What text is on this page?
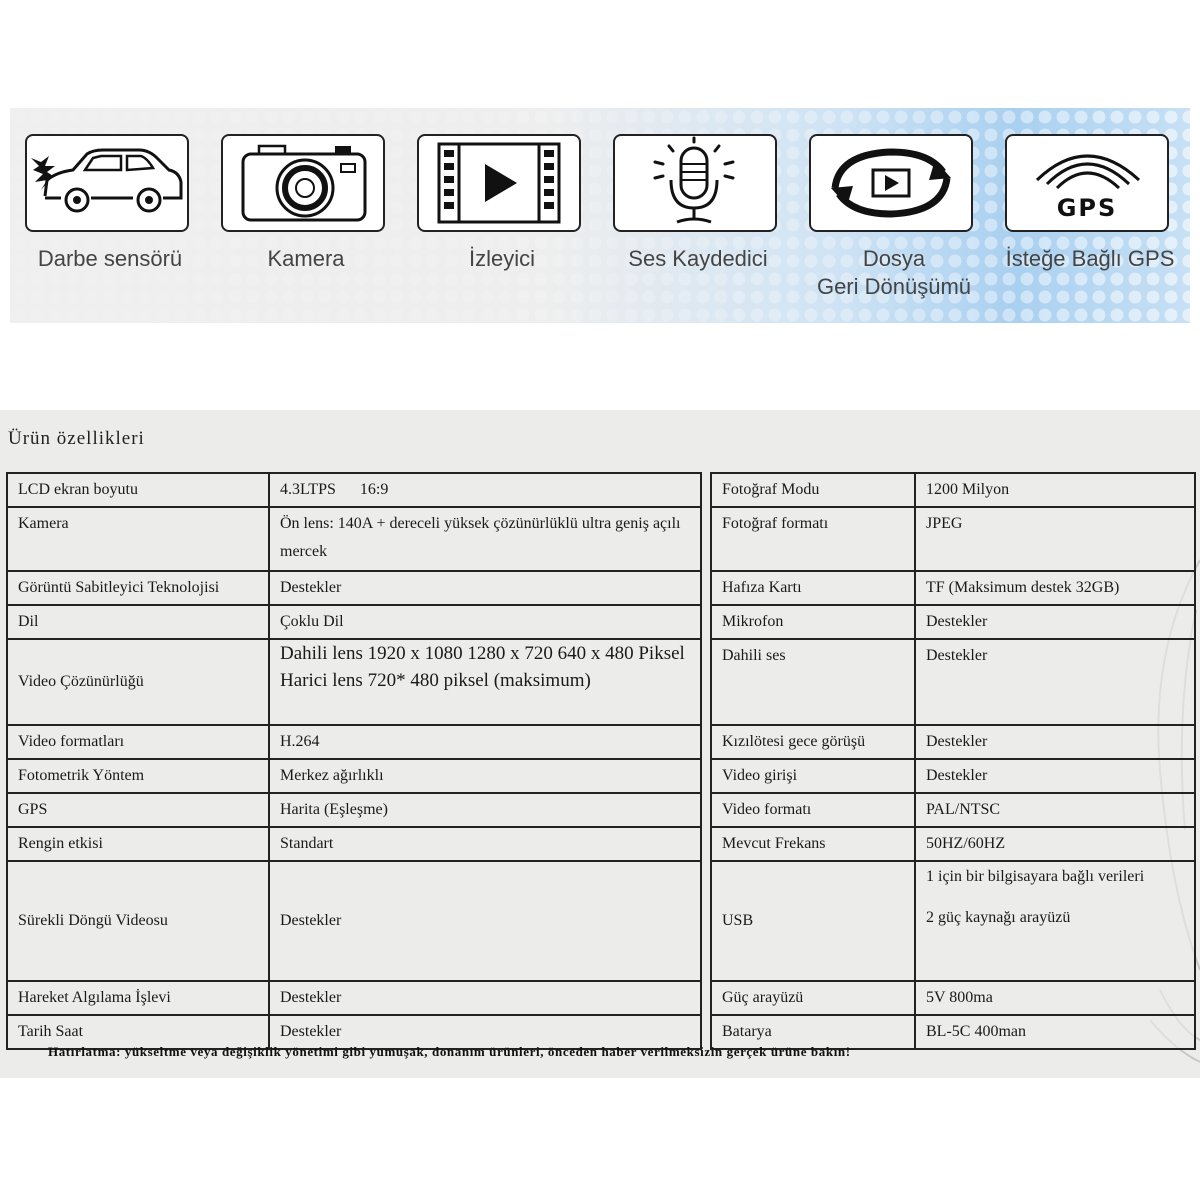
Darbe sensörü	Kamera	İzleyici	Ses Kaydedici	Dosya
Geri Dönüşümü
GPS
İsteğe Bağlı GPS
Ürün özellikleri
LCD ekran boyutu	4.3LTPS      16:9
Kamera	Ön lens: 140A + dereceli yüksek çözünürlüklü ultra geniş açılı mercek
Görüntü Sabitleyici Teknolojisi	Destekler
Dil	Çoklu Dil
Video Çözünürlüğü	Dahili lens 1920 x 1080 1280 x 720 640 x 480 Piksel
Harici lens 720* 480 piksel (maksimum)

Video formatları	H.264
Fotometrik Yöntem	Merkez ağırlıklı
GPS	Harita (Eşleşme)
Rengin etkisi	Standart
Sürekli Döngü Videosu	Destekler
Hareket Algılama İşlevi	Destekler
Tarih Saat	Destekler
Fotoğraf Modu	1200 Milyon
Fotoğraf formatı	JPEG
Hafıza Kartı	TF (Maksimum destek 32GB)
Mikrofon	Destekler
Dahili ses	Destekler
Kızılötesi gece görüşü	Destekler
Video girişi	Destekler
Video formatı	PAL/NTSC
Mevcut Frekans	50HZ/60HZ
USB	1 için bir bilgisayara bağlı verileri

2 güç kaynağı arayüzü

Güç arayüzü	5V 800ma
Batarya	BL-5C 400man
Hatırlatma: yükseltme veya değişiklik yönetimi gibi yumuşak, donanım ürünleri, önceden haber verilmeksizin gerçek ürüne bakın!
